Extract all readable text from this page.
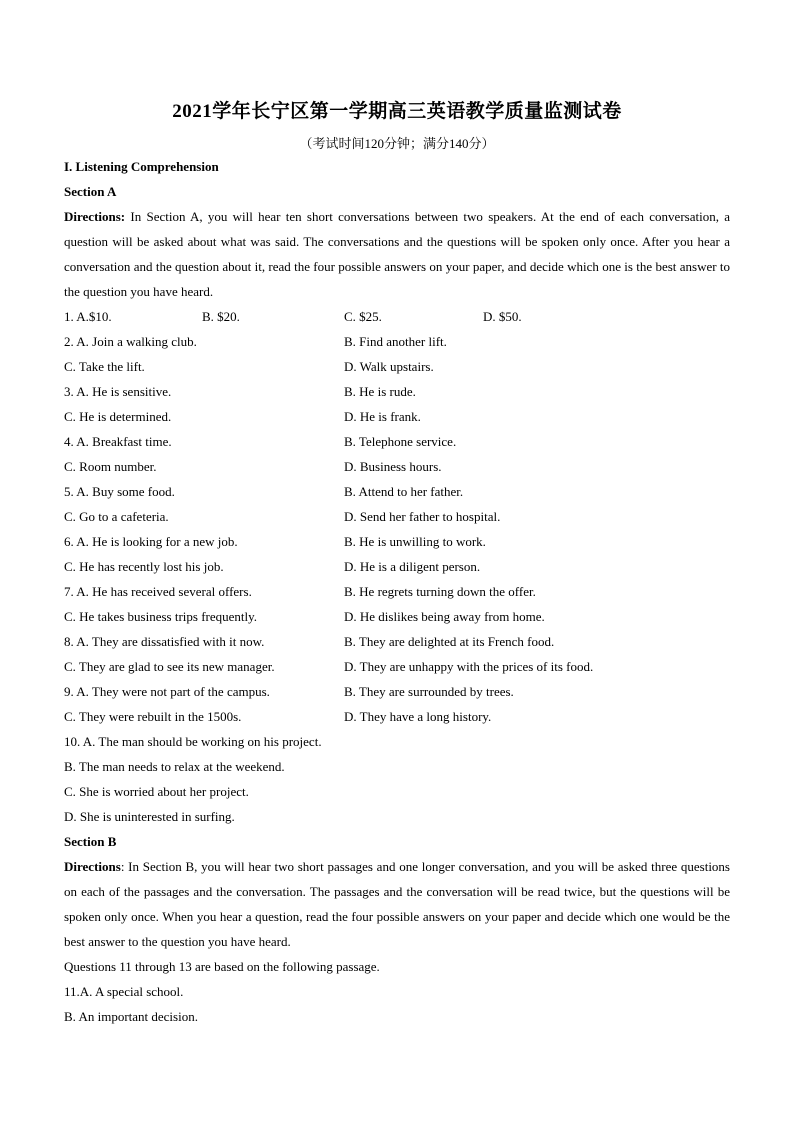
2021学年长宁区第一学期高三英语教学质量监测试卷
（考试时间120分钟；满分140分）
I. Listening Comprehension
Section A
Directions: In Section A, you will hear ten short conversations between two speakers. At the end of each conversation, a question will be asked about what was said. The conversations and the questions will be spoken only once. After you hear a conversation and the question about it, read the four possible answers on your paper, and decide which one is the best answer to the question you have heard.
1. A.$10.	B. $20.	C. $25.	D. $50.
2. A. Join a walking club.	B. Find another lift.
C. Take the lift.	D. Walk upstairs.
3. A. He is sensitive.	B. He is rude.
C. He is determined.	D. He is frank.
4. A. Breakfast time.	B. Telephone service.
C. Room number.	D. Business hours.
5. A. Buy some food.	B. Attend to her father.
C. Go to a cafeteria.	D. Send her father to hospital.
6. A. He is looking for a new job.	B. He is unwilling to work.
C. He has recently lost his job.	D. He is a diligent person.
7. A. He has received several offers.	B. He regrets turning down the offer.
C. He takes business trips frequently.	D. He dislikes being away from home.
8. A. They are dissatisfied with it now.	B. They are delighted at its French food.
C. They are glad to see its new manager.	D. They are unhappy with the prices of its food.
9. A. They were not part of the campus.	B. They are surrounded by trees.
C. They were rebuilt in the 1500s.	D. They have a long history.
10. A. The man should be working on his project.
B. The man needs to relax at the weekend.
C. She is worried about her project.
D. She is uninterested in surfing.
Section B
Directions: In Section B, you will hear two short passages and one longer conversation, and you will be asked three questions on each of the passages and the conversation. The passages and the conversation will be read twice, but the questions will be spoken only once. When you hear a question, read the four possible answers on your paper and decide which one would be the best answer to the question you have heard.
Questions 11 through 13 are based on the following passage.
11.A. A special school.
B. An important decision.
